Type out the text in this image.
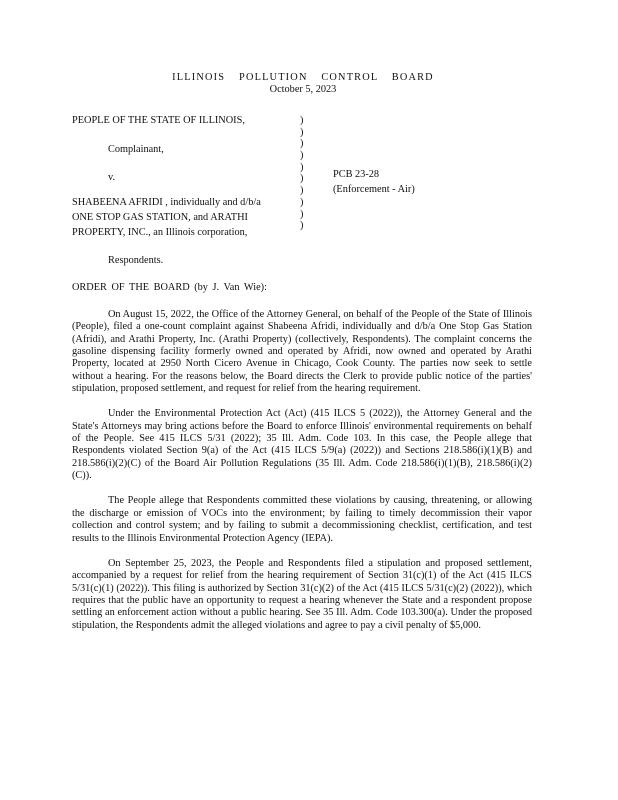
ILLINOIS POLLUTION CONTROL BOARD
October 5, 2023
PEOPLE OF THE STATE OF ILLINOIS,
Complainant,
v.
SHABEENA AFRIDI , individually and d/b/a
ONE STOP GAS STATION, and ARATHI
PROPERTY, INC., an Illinois corporation,
)
)
)
)
)
)
)
)
)
)
PCB 23-28
(Enforcement - Air)
Respondents.
ORDER OF THE BOARD (by J. Van Wie):

On August 15, 2022, the Office of the Attorney General, on behalf of the People of the State of Illinois (People), filed a one-count complaint against Shabeena Afridi, individually and d/b/a One Stop Gas Station (Afridi), and Arathi Property, Inc. (Arathi Property) (collectively, Respondents). The complaint concerns the gasoline dispensing facility formerly owned and operated by Afridi, now owned and operated by Arathi Property, located at 2950 North Cicero Avenue in Chicago, Cook County. The parties now seek to settle without a hearing. For the reasons below, the Board directs the Clerk to provide public notice of the parties' stipulation, proposed settlement, and request for relief from the hearing requirement.

Under the Environmental Protection Act (Act) (415 ILCS 5 (2022)), the Attorney General and the State's Attorneys may bring actions before the Board to enforce Illinois' environmental requirements on behalf of the People. See 415 ILCS 5/31 (2022); 35 Ill. Adm. Code 103. In this case, the People allege that Respondents violated Section 9(a) of the Act (415 ILCS 5/9(a) (2022)) and Sections 218.586(i)(1)(B) and 218.586(i)(2)(C) of the Board Air Pollution Regulations (35 Ill. Adm. Code 218.586(i)(1)(B), 218.586(i)(2)(C)).

The People allege that Respondents committed these violations by causing, threatening, or allowing the discharge or emission of VOCs into the environment; by failing to timely decommission their vapor collection and control system; and by failing to submit a decommissioning checklist, certification, and test results to the Illinois Environmental Protection Agency (IEPA).

On September 25, 2023, the People and Respondents filed a stipulation and proposed settlement, accompanied by a request for relief from the hearing requirement of Section 31(c)(1) of the Act (415 ILCS 5/31(c)(1) (2022)). This filing is authorized by Section 31(c)(2) of the Act (415 ILCS 5/31(c)(2) (2022)), which requires that the public have an opportunity to request a hearing whenever the State and a respondent propose settling an enforcement action without a public hearing. See 35 Ill. Adm. Code 103.300(a). Under the proposed stipulation, the Respondents admit the alleged violations and agree to pay a civil penalty of $5,000.
